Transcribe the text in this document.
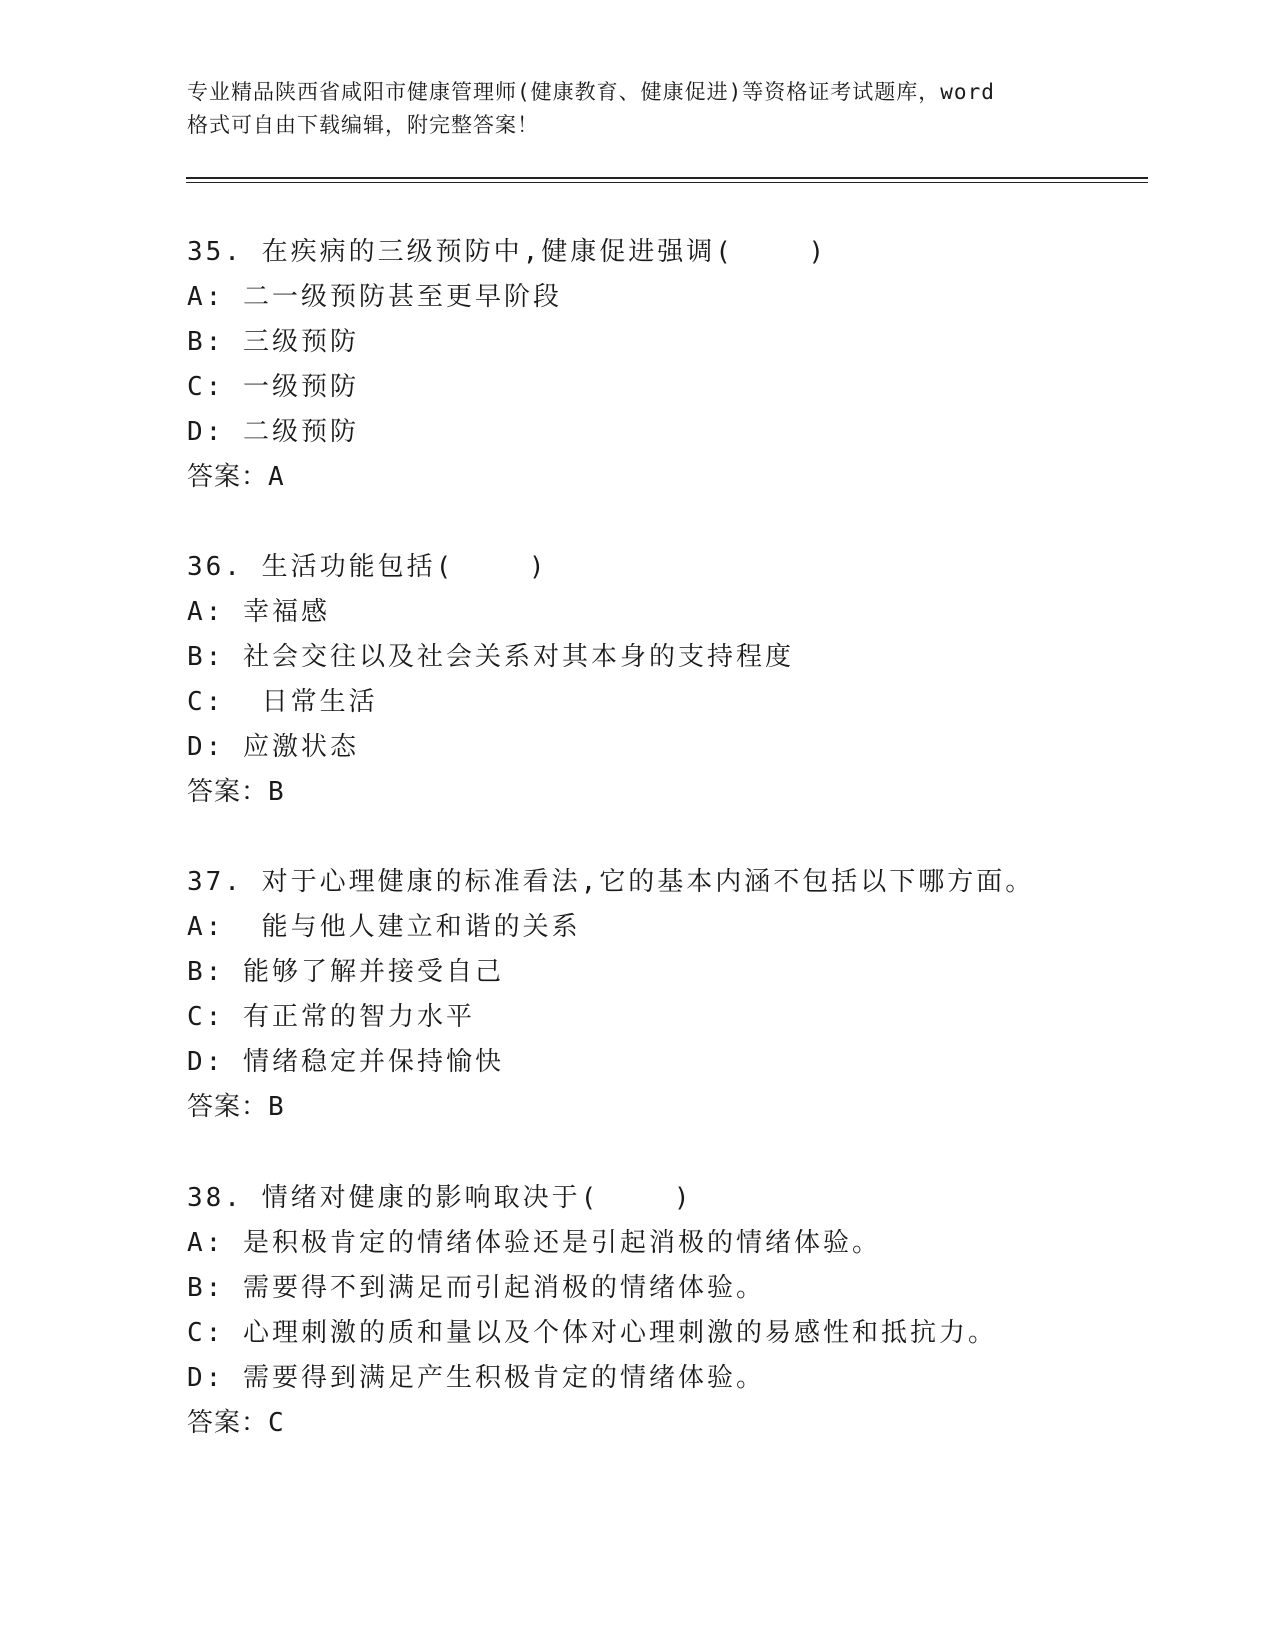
专业精品陕西省咸阳市健康管理师(健康教育、健康促进)等资格证考试题库，word
格式可自由下载编辑，附完整答案！
35. 在疾病的三级预防中,健康促进强调(    )
A: 二一级预防甚至更早阶段
B: 三级预防
C: 一级预防
D: 二级预防
答案：A
36. 生活功能包括(    )
A: 幸福感
B: 社会交往以及社会关系对其本身的支持程度
C:  日常生活
D: 应激状态
答案：B
37. 对于心理健康的标准看法,它的基本内涵不包括以下哪方面。
A:  能与他人建立和谐的关系
B: 能够了解并接受自己
C: 有正常的智力水平
D: 情绪稳定并保持愉快
答案：B
38. 情绪对健康的影响取决于(    )
A: 是积极肯定的情绪体验还是引起消极的情绪体验。
B: 需要得不到满足而引起消极的情绪体验。
C: 心理刺激的质和量以及个体对心理刺激的易感性和抵抗力。
D: 需要得到满足产生积极肯定的情绪体验。
答案：C
